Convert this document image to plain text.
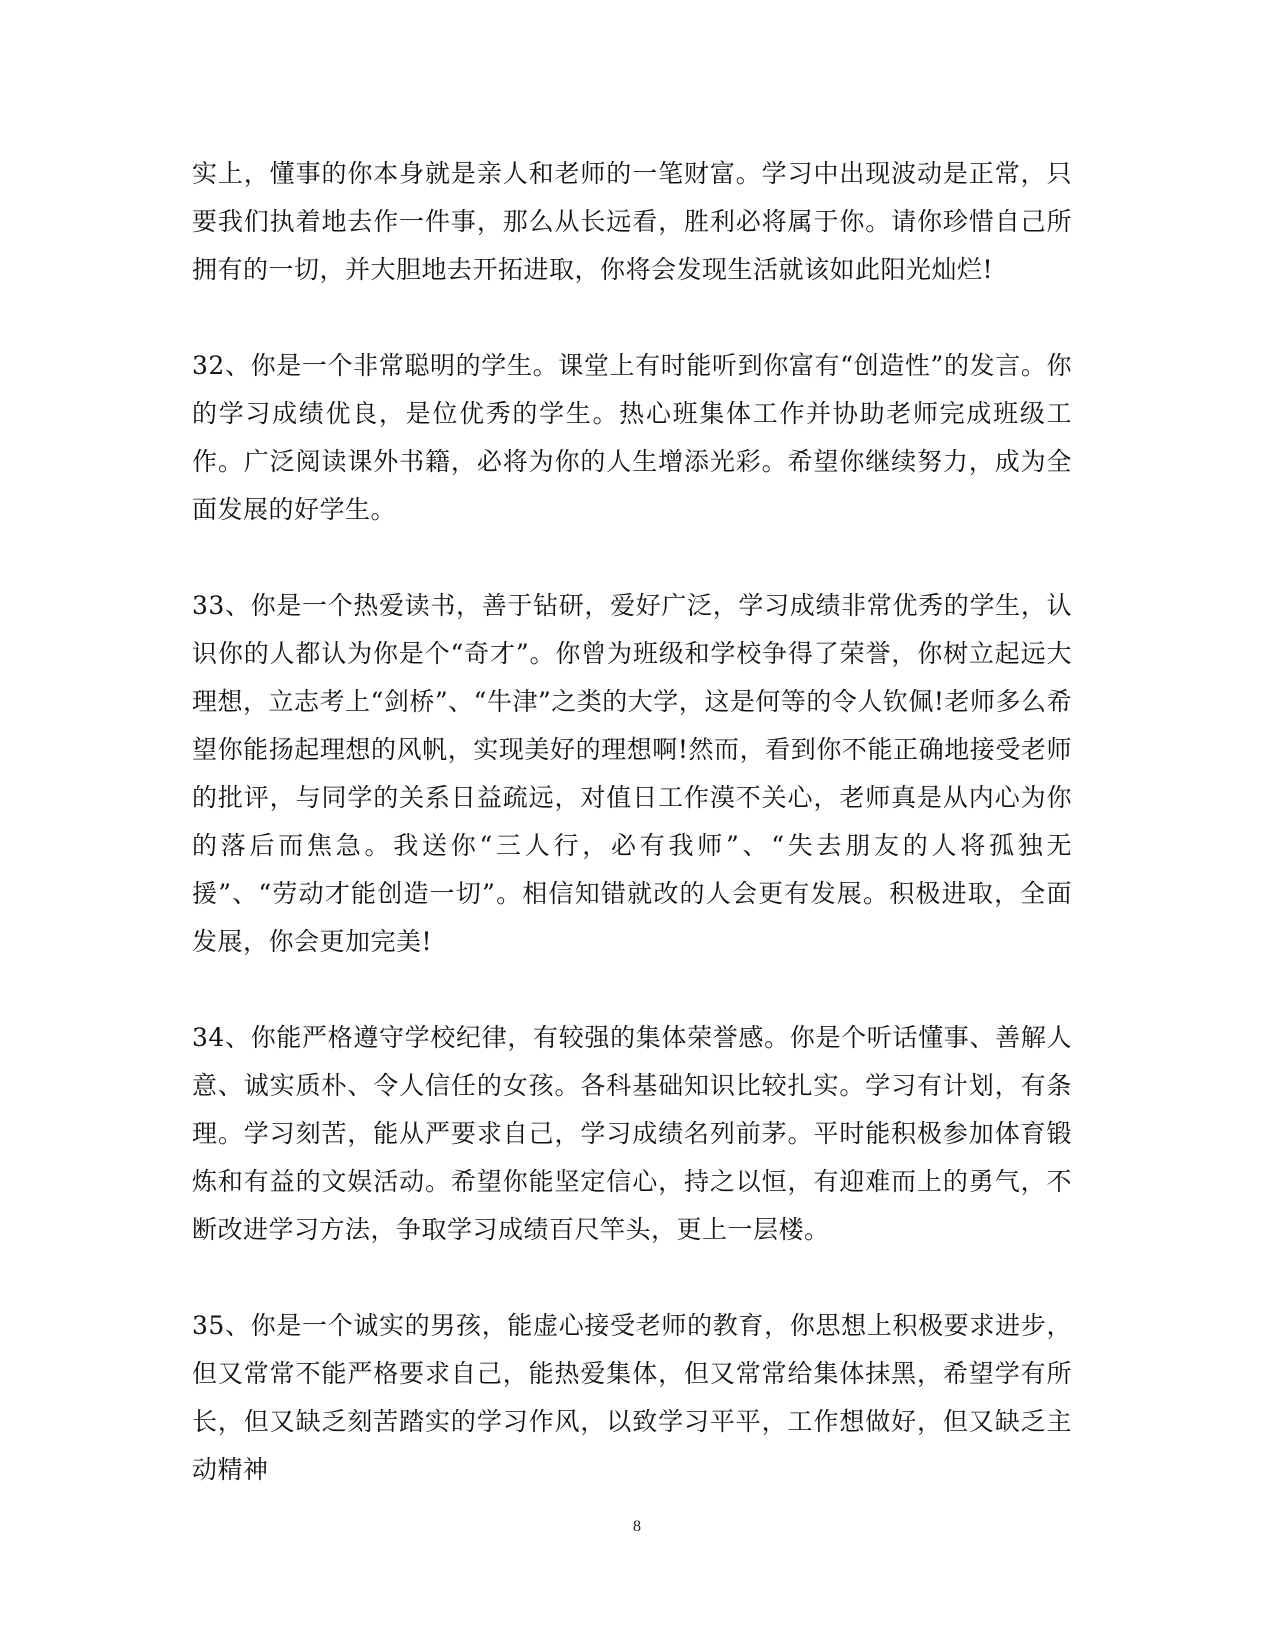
实上，懂事的你本身就是亲人和老师的一笔财富。学习中出现波动是正常，只要我们执着地去作一件事，那么从长远看，胜利必将属于你。请你珍惜自己所拥有的一切，并大胆地去开拓进取，你将会发现生活就该如此阳光灿烂!

32、你是一个非常聪明的学生。课堂上有时能听到你富有“创造性”的发言。你的学习成绩优良，是位优秀的学生。热心班集体工作并协助老师完成班级工作。广泛阅读课外书籍，必将为你的人生增添光彩。希望你继续努力，成为全面发展的好学生。

33、你是一个热爱读书，善于钻研，爱好广泛，学习成绩非常优秀的学生，认识你的人都认为你是个“奇才”。你曾为班级和学校争得了荣誉，你树立起远大理想，立志考上“剑桥”、“牛津”之类的大学，这是何等的令人钦佩!老师多么希望你能扬起理想的风帆，实现美好的理想啊!然而，看到你不能正确地接受老师的批评，与同学的关系日益疏远，对值日工作漠不关心，老师真是从内心为你的落后而焦急。我送你“三人行，必有我师”、“失去朋友的人将孤独无援”、“劳动才能创造一切”。相信知错就改的人会更有发展。积极进取，全面发展，你会更加完美!

34、你能严格遵守学校纪律，有较强的集体荣誉感。你是个听话懂事、善解人意、诚实质朴、令人信任的女孩。各科基础知识比较扎实。学习有计划，有条理。学习刻苦，能从严要求自己，学习成绩名列前茅。平时能积极参加体育锻炼和有益的文娱活动。希望你能坚定信心，持之以恒，有迎难而上的勇气，不断改进学习方法，争取学习成绩百尺竿头，更上一层楼。

35、你是一个诚实的男孩，能虚心接受老师的教育，你思想上积极要求进步，但又常常不能严格要求自己，能热爱集体，但又常常给集体抹黑，希望学有所长，但又缺乏刻苦踏实的学习作风，以致学习平平，工作想做好，但又缺乏主动精神

8
